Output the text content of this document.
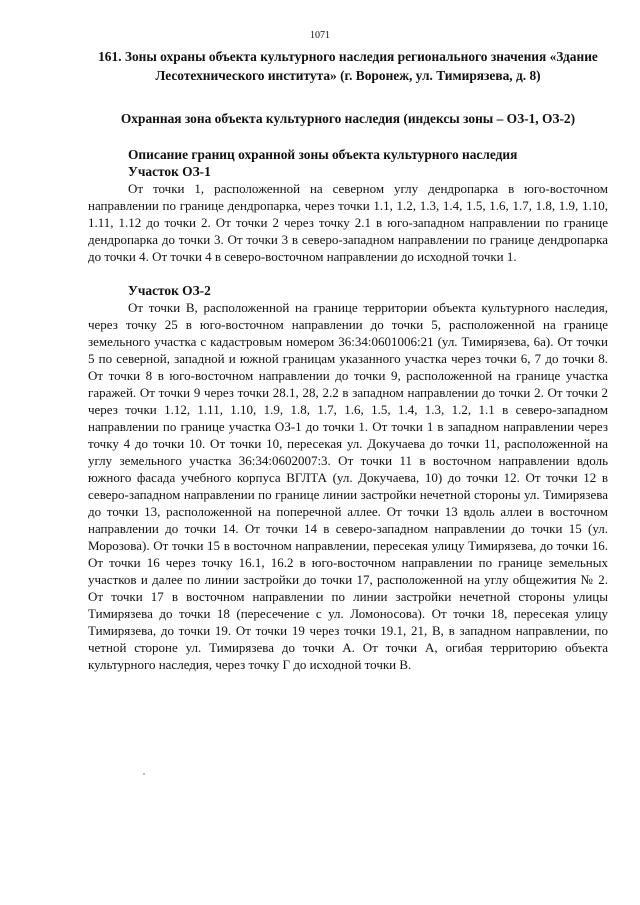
1071
161. Зоны охраны объекта культурного наследия регионального значения «Здание Лесотехнического института» (г. Воронеж, ул. Тимирязева, д. 8)
Охранная зона объекта культурного наследия (индексы зоны – ОЗ-1, ОЗ-2)
Описание границ охранной зоны объекта культурного наследия
Участок ОЗ-1

От точки 1, расположенной на северном углу дендропарка в юго-восточном направлении по границе дендропарка, через точки 1.1, 1.2, 1.3, 1.4, 1.5, 1.6, 1.7, 1.8, 1.9, 1.10, 1.11, 1.12 до точки 2. От точки 2 через точку 2.1 в юго-западном направлении по границе дендропарка до точки 3. От точки 3 в северо-западном направлении по границе дендропарка до точки 4. От точки 4 в северо-восточном направлении до исходной точки 1.

Участок ОЗ-2

От точки В, расположенной на границе территории объекта культурного наследия, через точку 25 в юго-восточном направлении до точки 5, расположенной на границе земельного участка с кадастровым номером 36:34:0601006:21 (ул. Тимирязева, 6а). От точки 5 по северной, западной и южной границам указанного участка через точки 6, 7 до точки 8. От точки 8 в юго-восточном направлении до точки 9, расположенной на границе участка гаражей. От точки 9 через точки 28.1, 28, 2.2 в западном направлении до точки 2. От точки 2 через точки 1.12, 1.11, 1.10, 1.9, 1.8, 1.7, 1.6, 1.5, 1.4, 1.3, 1.2, 1.1 в северо-западном направлении по границе участка ОЗ-1 до точки 1. От точки 1 в западном направлении через точку 4 до точки 10. От точки 10, пересекая ул. Докучаева до точки 11, расположенной на углу земельного участка 36:34:0602007:3. От точки 11 в восточном направлении вдоль южного фасада учебного корпуса ВГЛТА (ул. Докучаева, 10) до точки 12. От точки 12 в северо-западном направлении по границе линии застройки нечетной стороны ул. Тимирязева до точки 13, расположенной на поперечной аллее. От точки 13 вдоль аллеи в восточном направлении до точки 14. От точки 14 в северо-западном направлении до точки 15 (ул. Морозова). От точки 15 в восточном направлении, пересекая улицу Тимирязева, до точки 16. От точки 16 через точку 16.1, 16.2 в юго-восточном направлении по границе земельных участков и далее по линии застройки до точки 17, расположенной на углу общежития № 2. От точки 17 в восточном направлении по линии застройки нечетной стороны улицы Тимирязева до точки 18 (пересечение с ул. Ломоносова). От точки 18, пересекая улицу Тимирязева, до точки 19. От точки 19 через точки 19.1, 21, В, в западном направлении, по четной стороне ул. Тимирязева до точки А. От точки А, огибая территорию объекта культурного наследия, через точку Г до исходной точки В.
